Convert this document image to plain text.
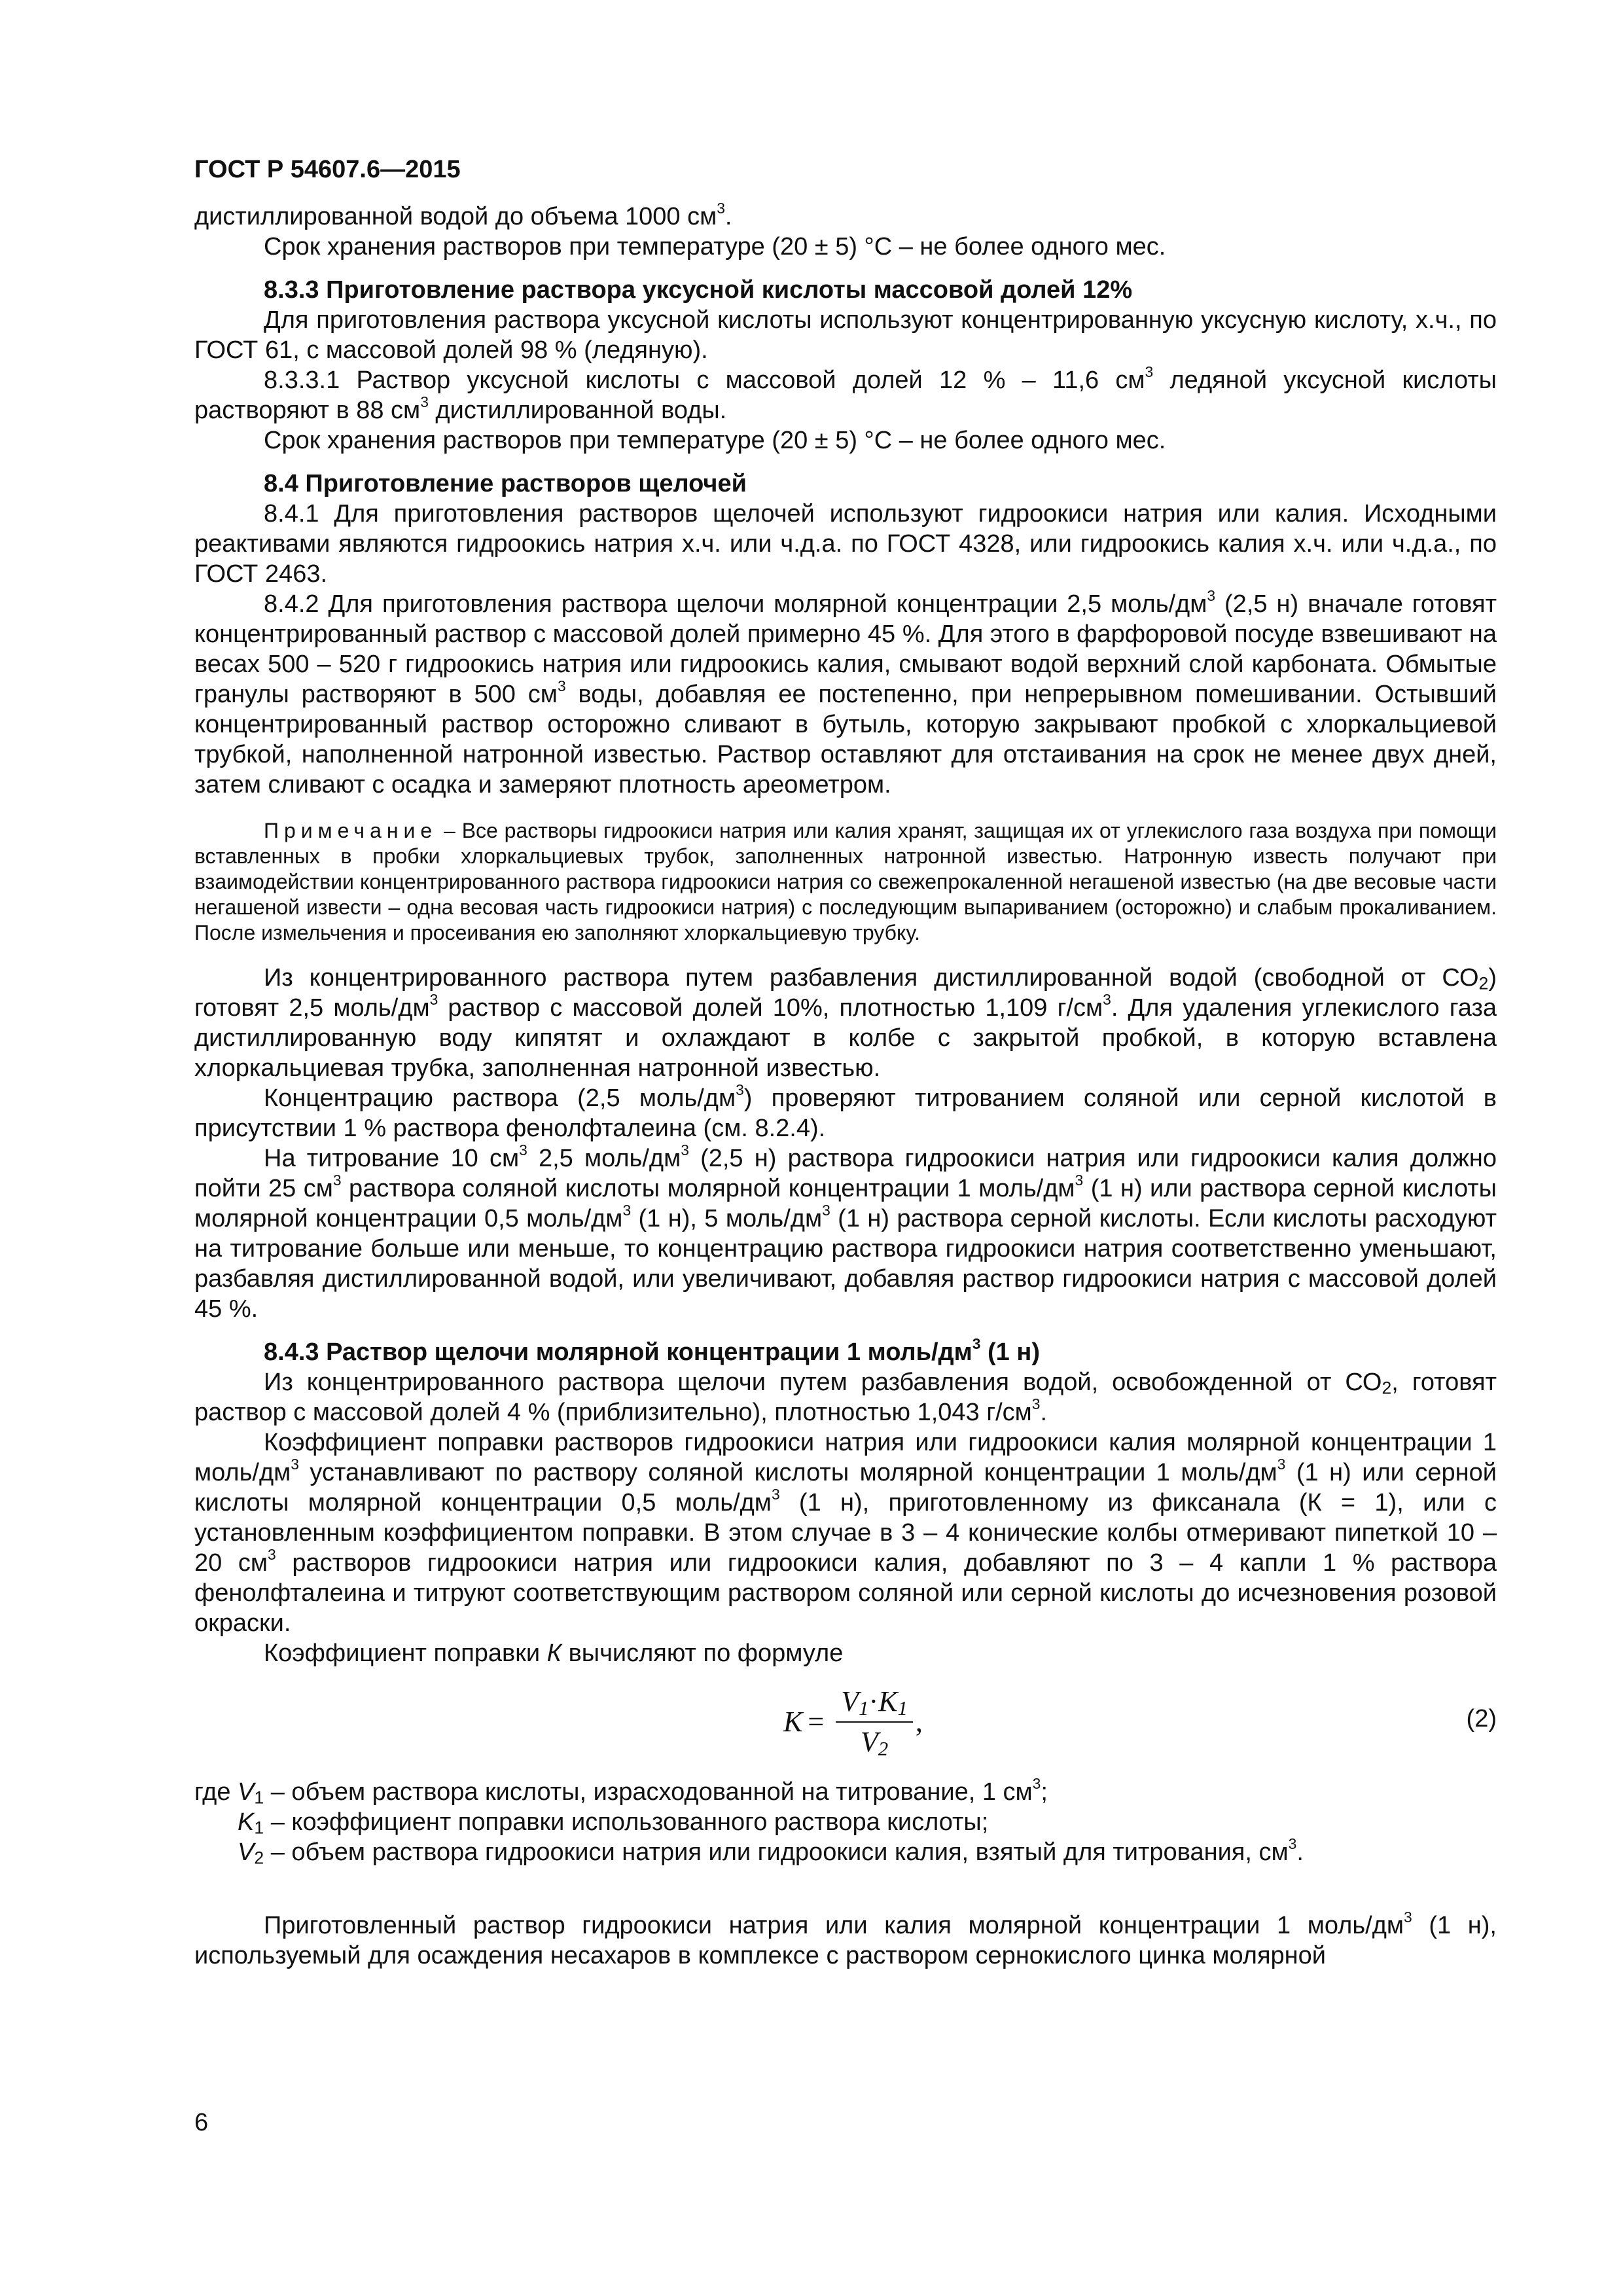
ГОСТ Р 54607.6—2015

дистиллированной водой до объема 1000 $см^3$.

Срок хранения растворов при температуре (20 ± 5) °С – не более одного мес.

8.3.3 Приготовление раствора уксусной кислоты массовой долей 12%

Для приготовления раствора уксусной кислоты используют концентрированную уксусную кислоту, х.ч., по ГОСТ 61, с массовой долей 98 % (ледяную).

8.3.3.1 Раствор уксусной кислоты с массовой долей 12 % – 11,6 $см^3$ ледяной уксусной кислоты растворяют в 88 $см^3$ дистиллированной воды.

Срок хранения растворов при температуре (20 ± 5) °С – не более одного мес.

8.4 Приготовление растворов щелочей

8.4.1 Для приготовления растворов щелочей используют гидроокиси натрия или калия. Исходными реактивами являются гидроокись натрия х.ч. или ч.д.а. по ГОСТ 4328, или гидроокись калия х.ч. или ч.д.а., по ГОСТ 2463.

8.4.2 Для приготовления раствора щелочи молярной концентрации 2,5 моль/$дм^3$ (2,5 н) вначале готовят концентрированный раствор с массовой долей примерно 45 %. Для этого в фарфоровой посуде взвешивают на весах 500 – 520 г гидроокись натрия или гидроокись калия, смывают водой верхний слой карбоната. Обмытые гранулы растворяют в 500 $см^3$ воды, добавляя ее постепенно, при непрерывном помешивании. Остывший концентрированный раствор осторожно сливают в бутыль, которую закрывают пробкой с хлоркальциевой трубкой, наполненной натронной известью. Раствор оставляют для отстаивания на срок не менее двух дней, затем сливают с осадка и замеряют плотность ареометром.

Примечание – Все растворы гидроокиси натрия или калия хранят, защищая их от углекислого газа воздуха при помощи вставленных в пробки хлоркальциевых трубок, заполненных натронной известью. Натронную известь получают при взаимодействии концентрированного раствора гидроокиси натрия со свежепрокаленной негашеной известью (на две весовые части негашеной извести – одна весовая часть гидроокиси натрия) с последующим выпариванием (осторожно) и слабым прокаливанием. После измельчения и просеивания ею заполняют хлоркальциевую трубку.

Из концентрированного раствора путем разбавления дистиллированной водой (свободной от $СО_2$) готовят 2,5 моль/$дм^3$ раствор с массовой долей 10%, плотностью 1,109 $г/см^3$. Для удаления углекислого газа дистиллированную воду кипятят и охлаждают в колбе с закрытой пробкой, в которую вставлена хлоркальциевая трубка, заполненная натронной известью.

Концентрацию раствора (2,5 моль/$дм^3$) проверяют титрованием соляной или серной кислотой в присутствии 1 % раствора фенолфталеина (см. 8.2.4).

На титрование 10 $см^3$ 2,5 моль/$дм^3$ (2,5 н) раствора гидроокиси натрия или гидроокиси калия должно пойти 25 $см^3$ раствора соляной кислоты молярной концентрации 1 моль/$дм^3$ (1 н) или раствора серной кислоты молярной концентрации 0,5 моль/$дм^3$ (1 н), 5 моль/$дм^3$ (1 н) раствора серной кислоты. Если кислоты расходуют на титрование больше или меньше, то концентрацию раствора гидроокиси натрия соответственно уменьшают, разбавляя дистиллированной водой, или увеличивают, добавляя раствор гидроокиси натрия с массовой долей 45 %.

8.4.3 Раствор щелочи молярной концентрации 1 моль/$дм^3$ (1 н)

Из концентрированного раствора щелочи путем разбавления водой, освобожденной от $СО_2$, готовят раствор с массовой долей 4 % (приблизительно), плотностью 1,043 $г/см^3$.

Коэффициент поправки растворов гидроокиси натрия или гидроокиси калия молярной концентрации 1 моль/$дм^3$ устанавливают по раствору соляной кислоты молярной концентрации 1 моль/$дм^3$ (1 н) или серной кислоты молярной концентрации 0,5 моль/$дм^3$ (1 н), приготовленному из фиксанала (К = 1), или с установленным коэффициентом поправки. В этом случае в 3 – 4 конические колбы отмеривают пипеткой 10 – 20 $см^3$ растворов гидроокиси натрия или гидроокиси калия, добавляют по 3 – 4 капли 1 % раствора фенолфталеина и титруют соответствующим раствором соляной или серной кислоты до исчезновения розовой окраски.

Коэффициент поправки К вычисляют по формуле

$K = \frac{V_1\cdot K_1}{V_2}$ ,	(2)

где $V_1$ – объем раствора кислоты, израсходованной на титрование, 1 $см^3$;

$K_1$ – коэффициент поправки использованного раствора кислоты;

$V_2$ – объем раствора гидроокиси натрия или гидроокиси калия, взятый для титрования, $см^3$.

Приготовленный раствор гидроокиси натрия или калия молярной концентрации 1 моль/$дм^3$ (1 н), используемый для осаждения несахаров в комплексе с раствором сернокислого цинка молярной

6
